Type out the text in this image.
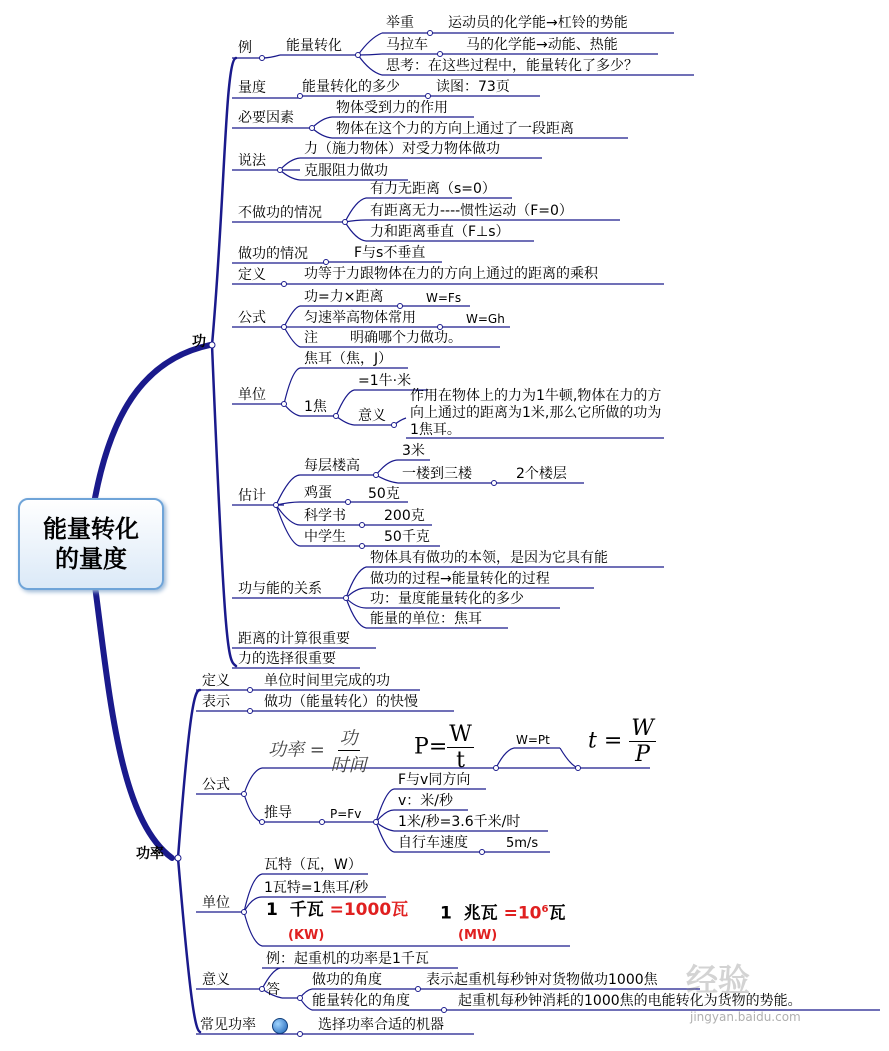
能量转化的量度
功
例 能量转化
举重 运动员的化学能→杠铃的势能
马拉车	马的化学能→动能、热能
思考：在这些过程中，能量转化了多少？
量度	能量转化的多少	读图：73页
必要因素
物体受到力的作用
物体在这个力的方向上通过了一段距离
说法
力（施力物体）对受力物体做功
克服阻力做功
不做功的情况
有力无距离（s=0）
有距离无力----惯性运动（F=0）
力和距离垂直（F⊥s）
做功的情况	F与s不垂直
定义	功等于力跟物体在力的方向上通过的距离的乘积
公式
功=力×距离	W=Fs
匀速举高物体常用	W=Gh
注 明确哪个力做功。
单位
焦耳（焦，J）
1焦
=1牛·米
意义
作用在物体上的力为1牛顿,物体在力的方向上通过的距离为1米,那么它所做的功为1焦耳。
估计
每层楼高
3米
一楼到三楼	2个楼层
鸡蛋	50克
科学书	200克
中学生	50千克
功与能的关系
物体具有做功的本领，是因为它具有能
做功的过程→能量转化的过程
功：量度能量转化的多少
能量的单位：焦耳
距离的计算很重要
力的选择很重要
功率
定义 单位时间里完成的功
表示 做功（能量转化）的快慢
公式
功率 = $\frac{\text{功}}{\text{时间}} P= \frac{W}{t}$	W=Pt $t = \frac{W}{P}$
推导	P=Fv
F与v同方向
v：米/秒
1米/秒=3.6千米/时
自行车速度	5m/s
单位
瓦特（瓦，W）
1瓦特=1焦耳/秒
1 千瓦 =1000瓦
(KW)
1 兆瓦 $=10^6$瓦
(MW)
意义
例：起重机的功率是1千瓦
答
做功的角度	表示起重机每秒钟对货物做功1000焦
能量转化的角度	起重机每秒钟消耗的1000焦的电能转化为货物的势能。
常见功率	选择功率合适的机器
经验
jingyan.baidu.com
